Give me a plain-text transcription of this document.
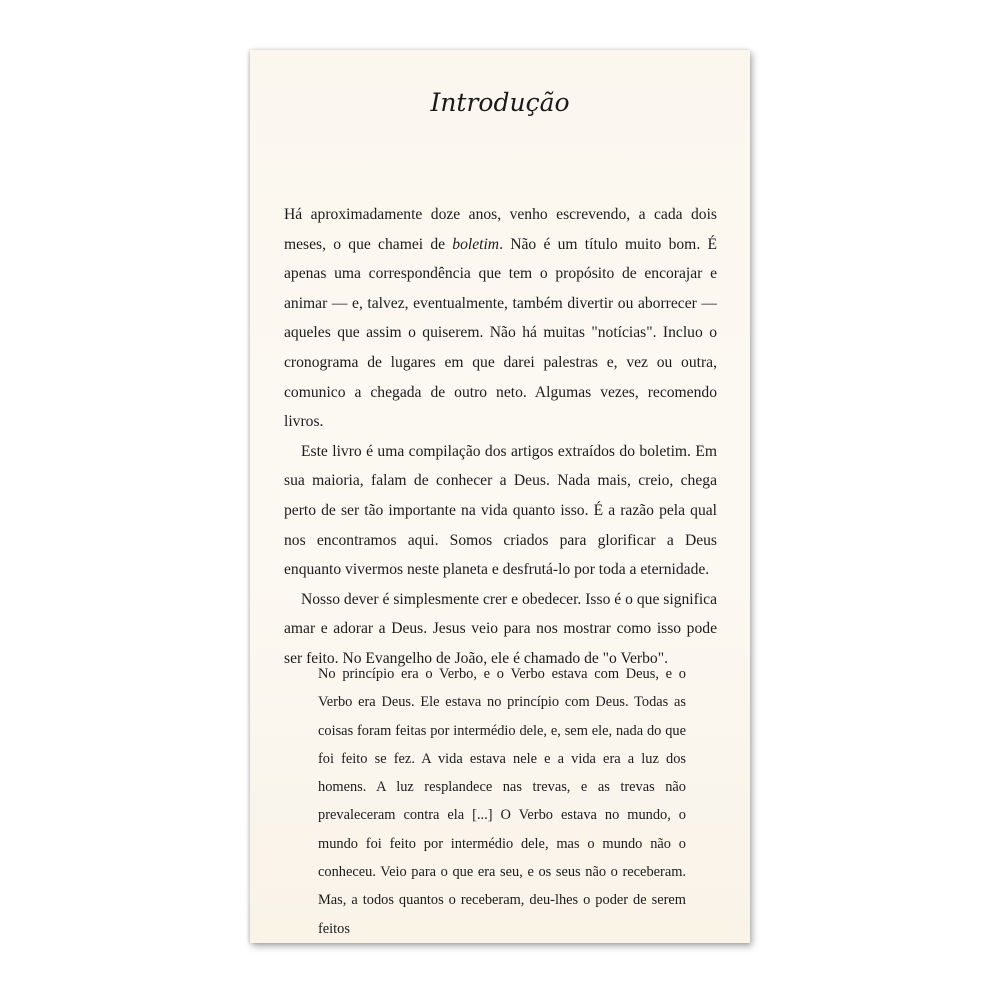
Introdução

Há aproximadamente doze anos, venho escrevendo, a cada dois meses, o que chamei de boletim. Não é um título muito bom. É apenas uma correspondência que tem o propósito de encorajar e animar — e, talvez, eventualmente, também divertir ou aborrecer — aqueles que assim o quiserem. Não há muitas "notícias". Incluo o cronograma de lugares em que darei palestras e, vez ou outra, comunico a chegada de outro neto. Algumas vezes, recomendo livros.

Este livro é uma compilação dos artigos extraídos do boletim. Em sua maioria, falam de conhecer a Deus. Nada mais, creio, chega perto de ser tão importante na vida quanto isso. É a razão pela qual nos encontramos aqui. Somos criados para glorificar a Deus enquanto vivermos neste planeta e desfrutá-lo por toda a eternidade.

Nosso dever é simplesmente crer e obedecer. Isso é o que significa amar e adorar a Deus. Jesus veio para nos mostrar como isso pode ser feito. No Evangelho de João, ele é chamado de "o Verbo".

No princípio era o Verbo, e o Verbo estava com Deus, e o Verbo era Deus. Ele estava no princípio com Deus. Todas as coisas foram feitas por intermédio dele, e, sem ele, nada do que foi feito se fez. A vida estava nele e a vida era a luz dos homens. A luz resplandece nas trevas, e as trevas não prevaleceram contra ela [...] O Verbo estava no mundo, o mundo foi feito por intermédio dele, mas o mundo não o conheceu. Veio para o que era seu, e os seus não o receberam. Mas, a todos quantos o receberam, deu-lhes o poder de serem feitos
